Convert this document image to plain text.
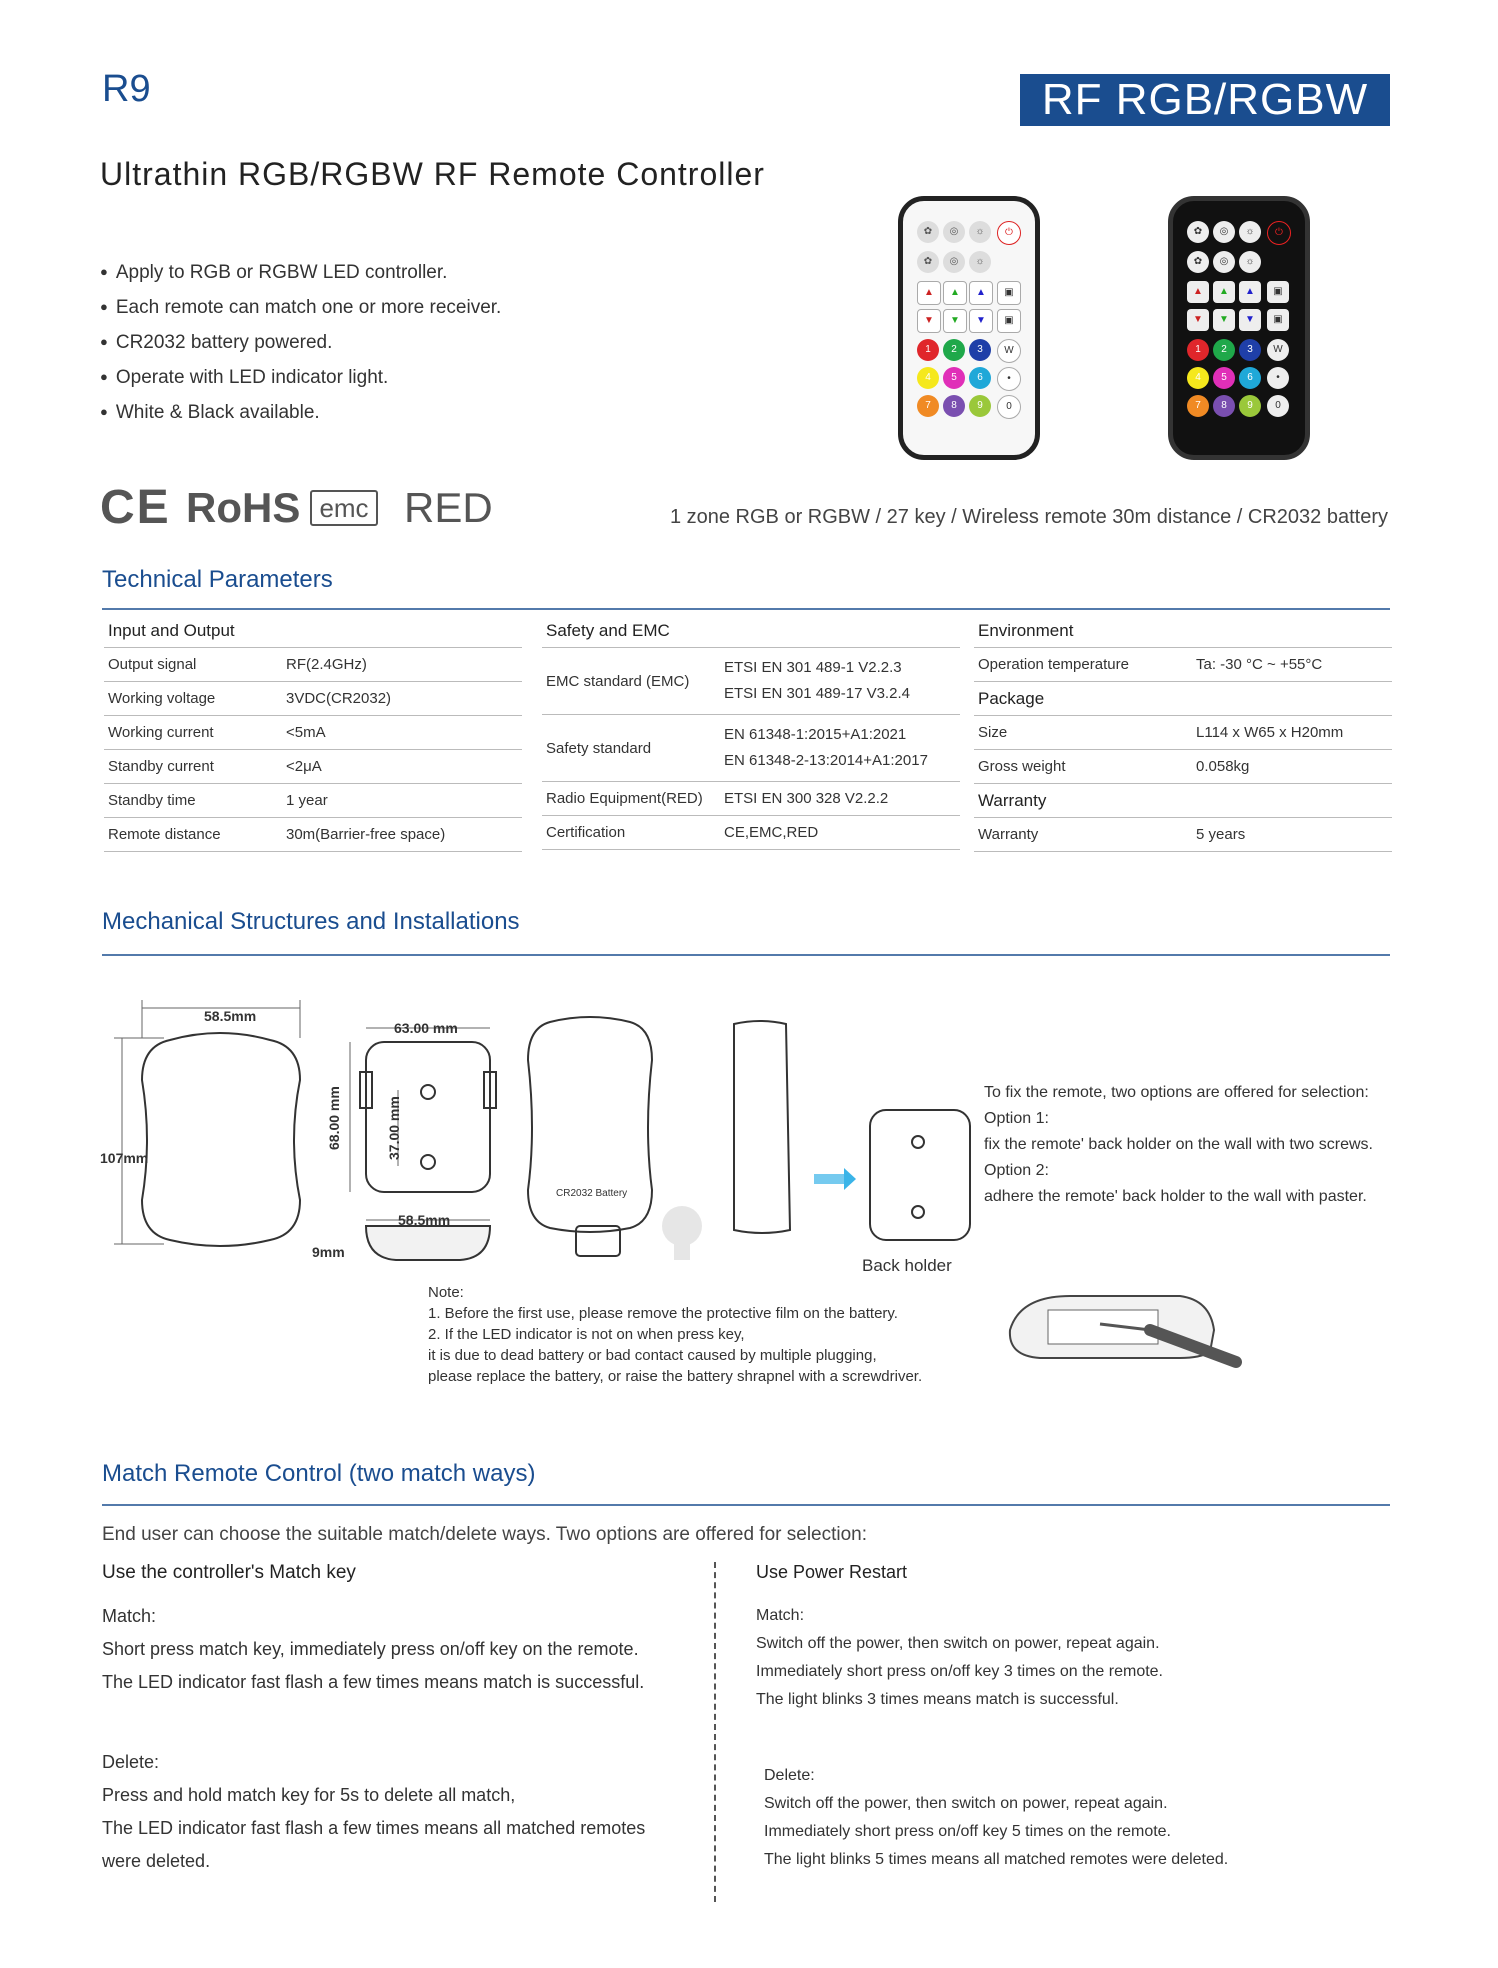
R9	RF RGB/RGBW
Ultrathin RGB/RGBW RF Remote Controller
● Apply to RGB or RGBW LED controller.
● Each remote can match one or more receiver.
● CR2032 battery powered.
● Operate with LED indicator light.
● White & Black available.
✿	◎	☼	⏻
✿	◎	☼
▲	▲	▲	▣
▼	▼	▼	▣
1	2	3	W
4	5	6	•
7	8	9	0
✿	◎	☼	⏻
✿	◎	☼
▲	▲	▲	▣
▼	▼	▼	▣
1	2	3	W
4	5	6	•
7	8	9	0
CE RoHS emc RED	1 zone RGB or RGBW / 27 key / Wireless remote 30m distance / CR2032 battery
Technical Parameters
Input and Output	
Output signal	RF(2.4GHz)
Working voltage	3VDC(CR2032)
Working current	<5mA
Standby current	<2μA
Standby time	1 year
Remote distance	30m(Barrier-free space)
Safety and EMC	
EMC standard (EMC)	ETSI EN 301 489-1 V2.2.3
ETSI EN 301 489-17 V3.2.4

Safety standard	EN 61348-1:2015+A1:2021
EN 61348-2-13:2014+A1:2017

Radio Equipment(RED)	ETSI EN 300 328 V2.2.2
Certification	CE,EMC,RED
Environment	
Operation temperature	Ta: -30 °C ~ +55°C
Package	
Size	L114 x W65 x H20mm
Gross weight	0.058kg
Warranty	
Warranty	5 years
Mechanical Structures and Installations
58.5mm
107mm
63.00 mm
68.00 mm	37.00 mm
58.5mm
9mm
CR2032 Battery
Back holder
To fix the remote, two options are offered for selection:
Option 1:
fix the remote' back holder on the wall with two screws.
Option 2:
adhere the remote' back holder to the wall with paster.
Note:
1. Before the first use, please remove the protective film on the battery.
2. If the LED indicator is not on when press key,
it is due to dead battery or bad contact caused by multiple plugging,
please replace the battery, or raise the battery shrapnel with a screwdriver.
Match Remote Control (two match ways)
End user can choose the suitable match/delete ways. Two options are offered for selection:
Use the controller's Match key
Match:
Short press match key, immediately press on/off key on the remote.
The LED indicator fast flash a few times means match is successful.
Delete:
Press and hold match key for 5s to delete all match,
The LED indicator fast flash a few times means all matched remotes
were deleted.
Use Power Restart
Match:
Switch off the power, then switch on power, repeat again.
Immediately short press on/off key 3 times on the remote.
The light blinks 3 times means match is successful.
Delete:
Switch off the power, then switch on power, repeat again.
Immediately short press on/off key 5 times on the remote.
The light blinks 5 times means all matched remotes were deleted.
